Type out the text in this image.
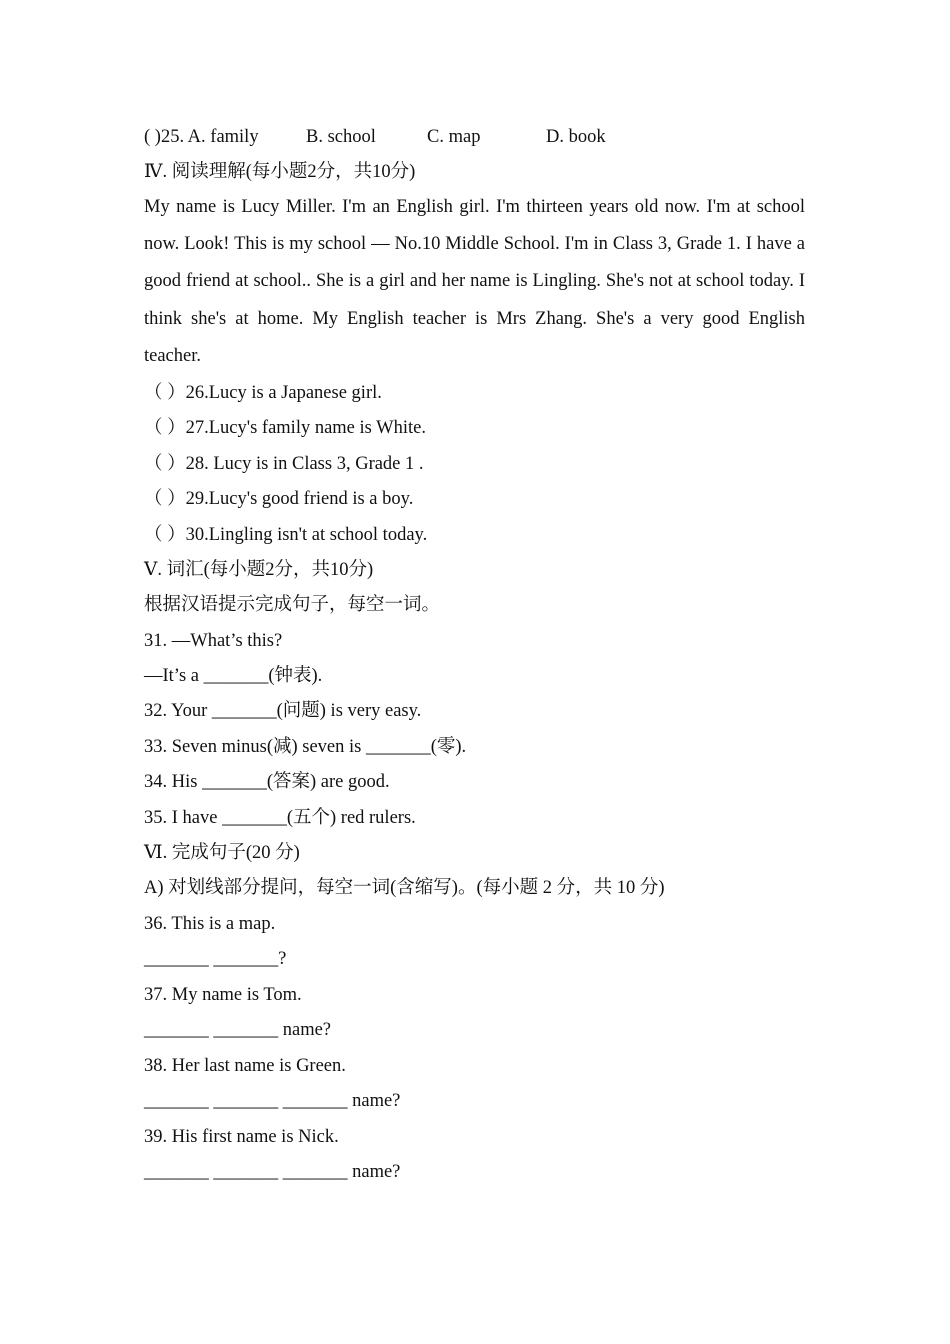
( )25. A. family

	B. school

	C. map

	D. book

Ⅳ. 阅读理解(每小题2分，共10分)
My name is Lucy Miller. I'm an English girl. I'm thirteen years old now. I'm at school now. Look! This is my school — No.10 Middle School. I'm in Class 3, Grade 1. I have a good friend at school.. She is a girl and her name is Lingling. She's not at school today. I think she's at home. My English teacher is Mrs Zhang. She's a very good English teacher.
（ ）26.Lucy is a Japanese girl.
（ ）27.Lucy's family name is White.
（ ）28. Lucy is in Class 3, Grade 1 .
（ ）29.Lucy's good friend is a boy.
（ ）30.Lingling isn't at school today.
Ⅴ. 词汇(每小题2分，共10分)
根据汉语提示完成句子，每空一词。
31. —What’s this?
—It’s a _______(钟表).
32. Your _______(问题) is very easy.
33. Seven minus(减) seven is _______(零).
34. His _______(答案) are good.
35. I have _______(五个) red rulers.
Ⅵ. 完成句子(20 分)
A) 对划线部分提问，每空一词(含缩写)。(每小题 2 分，共 10 分)
36. This is a map.
_______ _______?
37. My name is Tom.
_______ _______ name?
38. Her last name is Green.
_______ _______ _______ name?
39. His first name is Nick.
_______ _______ _______ name?
